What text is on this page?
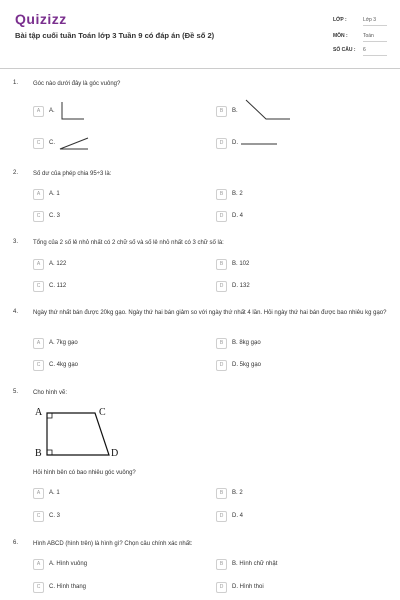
Quizizz
Bài tập cuối tuần Toán lớp 3 Tuần 9 có đáp án (Đề số 2)
LỚP :	Lớp 3
MÔN :	Toán
SỐ CÂU : 6
1. Góc nào dưới đây là góc vuông?
A	A.	B	B.
C	C.	D	D.
2. Số dư của phép chia 95÷3 là:
A	A. 1	B	B. 2
C	C. 3	D	D. 4
3. Tổng của 2 số lẻ nhỏ nhất có 2 chữ số và số lẻ nhỏ nhất có 3 chữ số là:
A	A. 122	B	B. 102
C	C. 112	D	D. 132
4. Ngày thứ nhất bán được 20kg gạo. Ngày thứ hai bán giảm so với ngày thứ nhất 4 lần. Hỏi ngày thứ hai bán được bao nhiêu kg gạo?
A	A. 7kg gạo	B	B. 8kg gạo
C	C. 4kg gạo	D	D. 5kg gạo
5. Cho hình vẽ:
A
B
C
D
Hỏi hình bên có bao nhiêu góc vuông?
A	A. 1	B	B. 2
C	C. 3	D	D. 4
6. Hình ABCD (hình trên) là hình gì? Chọn câu chính xác nhất:
A	A. Hình vuông	B	B. Hình chữ nhật
C	C. Hình thang	D	D. Hình thoi
